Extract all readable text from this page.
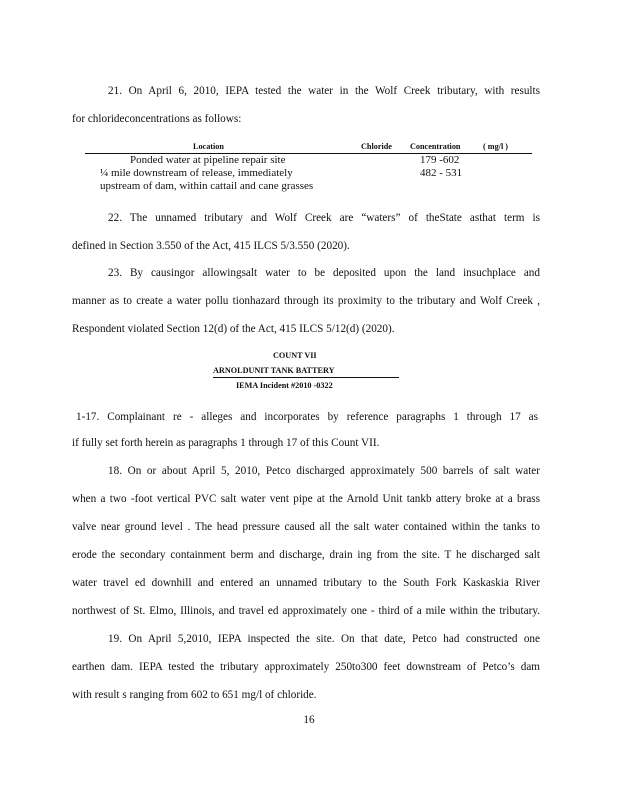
21. On April 6, 2010, IEPA tested the water in the Wolf Creek tributary, with results
for chlorideconcentrations as follows:
Location	Chloride Concentration	( mg/l )
Ponded water at pipeline repair site	179 -602
¼ mile downstream of release, immediately	482 - 531
upstream of dam, within cattail and cane grasses
22. The unnamed tributary and Wolf Creek are “waters” of theState asthat term is
defined in Section 3.550 of the Act, 415 ILCS 5/3.550 (2020).
23. By causingor allowingsalt water to be deposited upon the land insuchplace and
manner as to create a water pollu tionhazard through its proximity to the tributary and Wolf Creek ,
Respondent violated Section 12(d) of the Act, 415 ILCS 5/12(d) (2020).
COUNT VII
ARNOLDUNIT TANK BATTERY
IEMA Incident #2010 -0322
1-17. Complainant re - alleges and incorporates by reference paragraphs 1 through 17 as
if fully set forth herein as paragraphs 1 through 17 of this Count VII.
18. On or about April 5, 2010, Petco discharged approximately 500 barrels of salt water
when a two -foot vertical PVC salt water vent pipe at the Arnold Unit tankb attery broke at a brass
valve near ground level . The head pressure caused all the salt water contained within the tanks to
erode the secondary containment berm and discharge, drain ing from the site. T he discharged salt
water travel ed downhill and entered an unnamed tributary to the South Fork Kaskaskia River
northwest of St. Elmo, Illinois, and travel ed approximately one - third of a mile within the tributary.
19. On April 5,2010, IEPA inspected the site. On that date, Petco had constructed one
earthen dam. IEPA tested the tributary approximately 250to300 feet downstream of Petco’s dam
with result s ranging from 602 to 651 mg/l of chloride.
16
